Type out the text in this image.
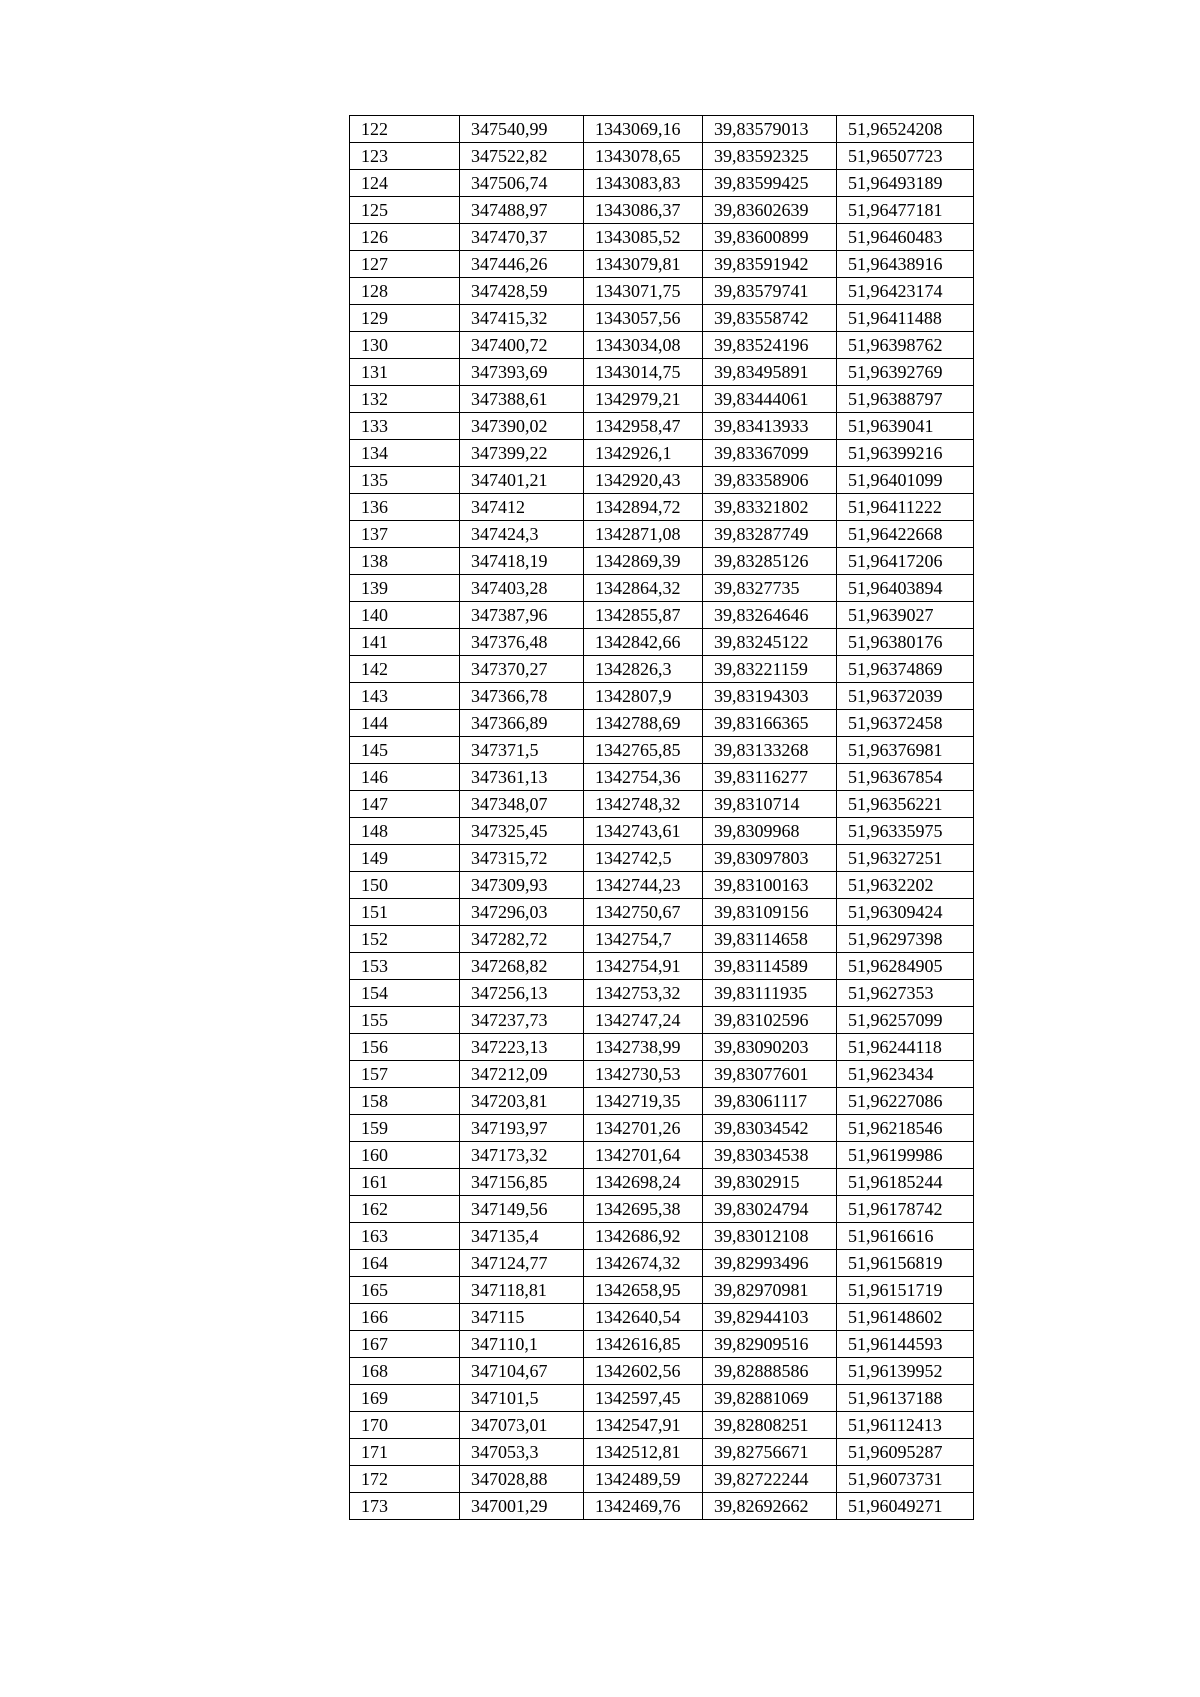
122	347540,99	1343069,16	39,83579013	51,96524208
123	347522,82	1343078,65	39,83592325	51,96507723
124	347506,74	1343083,83	39,83599425	51,96493189
125	347488,97	1343086,37	39,83602639	51,96477181
126	347470,37	1343085,52	39,83600899	51,96460483
127	347446,26	1343079,81	39,83591942	51,96438916
128	347428,59	1343071,75	39,83579741	51,96423174
129	347415,32	1343057,56	39,83558742	51,96411488
130	347400,72	1343034,08	39,83524196	51,96398762
131	347393,69	1343014,75	39,83495891	51,96392769
132	347388,61	1342979,21	39,83444061	51,96388797
133	347390,02	1342958,47	39,83413933	51,9639041
134	347399,22	1342926,1	39,83367099	51,96399216
135	347401,21	1342920,43	39,83358906	51,96401099
136	347412	1342894,72	39,83321802	51,96411222
137	347424,3	1342871,08	39,83287749	51,96422668
138	347418,19	1342869,39	39,83285126	51,96417206
139	347403,28	1342864,32	39,8327735	51,96403894
140	347387,96	1342855,87	39,83264646	51,9639027
141	347376,48	1342842,66	39,83245122	51,96380176
142	347370,27	1342826,3	39,83221159	51,96374869
143	347366,78	1342807,9	39,83194303	51,96372039
144	347366,89	1342788,69	39,83166365	51,96372458
145	347371,5	1342765,85	39,83133268	51,96376981
146	347361,13	1342754,36	39,83116277	51,96367854
147	347348,07	1342748,32	39,8310714	51,96356221
148	347325,45	1342743,61	39,8309968	51,96335975
149	347315,72	1342742,5	39,83097803	51,96327251
150	347309,93	1342744,23	39,83100163	51,9632202
151	347296,03	1342750,67	39,83109156	51,96309424
152	347282,72	1342754,7	39,83114658	51,96297398
153	347268,82	1342754,91	39,83114589	51,96284905
154	347256,13	1342753,32	39,83111935	51,9627353
155	347237,73	1342747,24	39,83102596	51,96257099
156	347223,13	1342738,99	39,83090203	51,96244118
157	347212,09	1342730,53	39,83077601	51,9623434
158	347203,81	1342719,35	39,83061117	51,96227086
159	347193,97	1342701,26	39,83034542	51,96218546
160	347173,32	1342701,64	39,83034538	51,96199986
161	347156,85	1342698,24	39,8302915	51,96185244
162	347149,56	1342695,38	39,83024794	51,96178742
163	347135,4	1342686,92	39,83012108	51,9616616
164	347124,77	1342674,32	39,82993496	51,96156819
165	347118,81	1342658,95	39,82970981	51,96151719
166	347115	1342640,54	39,82944103	51,96148602
167	347110,1	1342616,85	39,82909516	51,96144593
168	347104,67	1342602,56	39,82888586	51,96139952
169	347101,5	1342597,45	39,82881069	51,96137188
170	347073,01	1342547,91	39,82808251	51,96112413
171	347053,3	1342512,81	39,82756671	51,96095287
172	347028,88	1342489,59	39,82722244	51,96073731
173	347001,29	1342469,76	39,82692662	51,96049271
